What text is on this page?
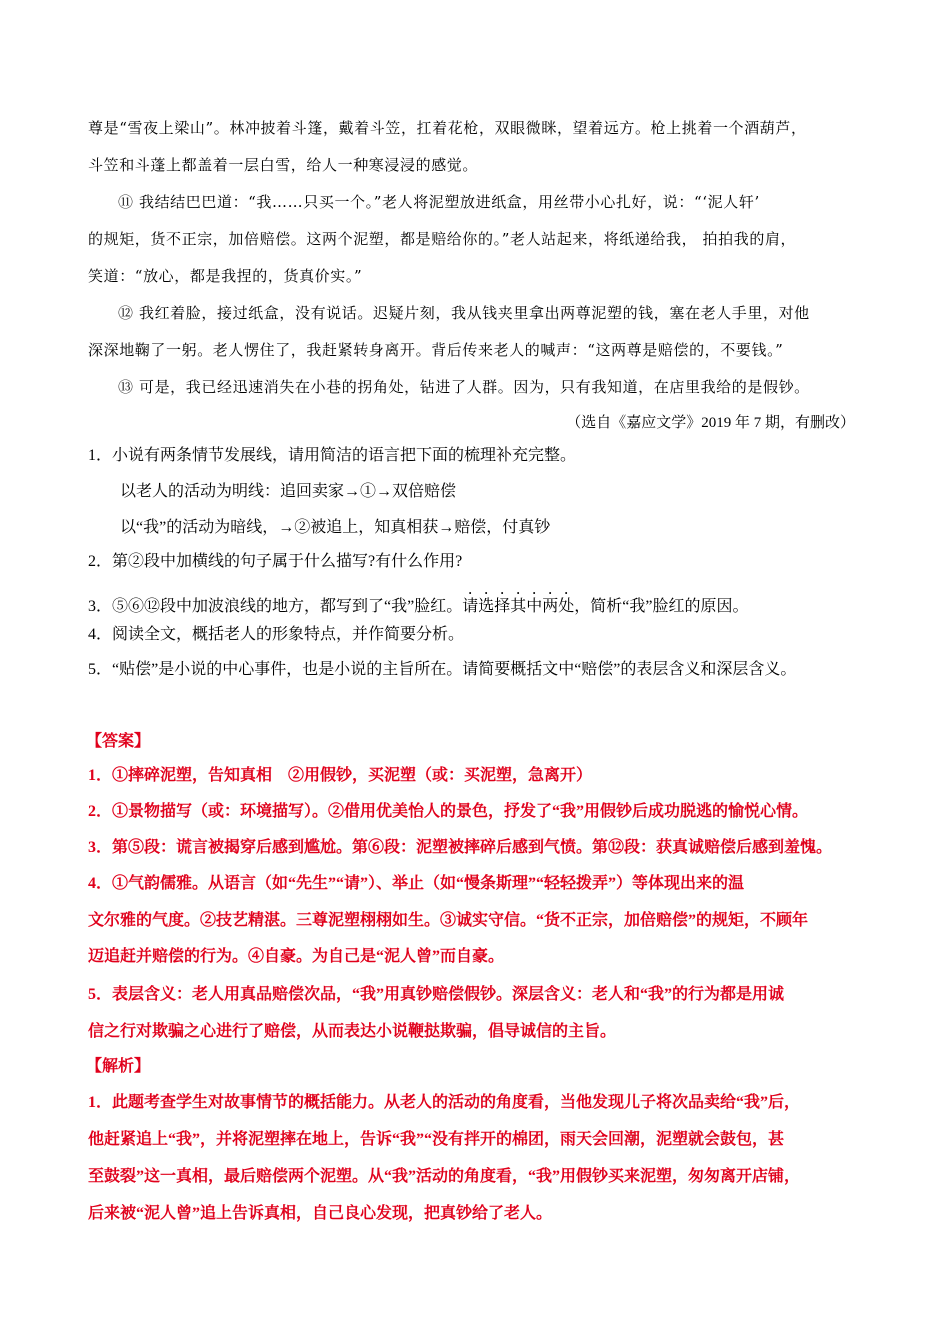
尊是“雪夜上梁山”。林冲披着斗篷，戴着斗笠，扛着花枪，双眼微眯，望着远方。枪上挑着一个酒葫芦，
斗笠和斗蓬上都盖着一层白雪，给人一种寒浸浸的感觉。
⑪ 我结结巴巴道：“我……只买一个。”老人将泥塑放进纸盒，用丝带小心扎好，说：“‘泥人轩’
的规矩，货不正宗，加倍赔偿。这两个泥塑，都是赔给你的。”老人站起来，将纸递给我， 拍拍我的肩，
笑道：“放心，都是我捏的，货真价实。”
⑫ 我红着脸，接过纸盒，没有说话。迟疑片刻，我从钱夹里拿出两尊泥塑的钱，塞在老人手里，对他
深深地鞠了一躬。老人愣住了，我赶紧转身离开。背后传来老人的喊声：“这两尊是赔偿的，不要钱。”
⑬ 可是，我已经迅速消失在小巷的拐角处，钻进了人群。因为，只有我知道，在店里我给的是假钞。
（选自《嘉应文学》2019 年 7 期，有删改）
1．小说有两条情节发展线，请用简洁的语言把下面的梳理补充完整。
以老人的活动为明线：追回卖家→①→双倍赔偿
以“我”的活动为暗线，→②被追上，知真相获→赔偿，付真钞
2．第②段中加横线的句子属于什么描写?有什么作用?
3．⑤⑥⑫段中加波浪线的地方，都写到了“我”脸红。请选择其中两处，简析“我”脸红的原因。
4．阅读全文，概括老人的形象特点，并作简要分析。
5．“贴偿”是小说的中心事件，也是小说的主旨所在。请简要概括文中“赔偿”的表层含义和深层含义。
【答案】
1．①摔碎泥塑，告知真相　②用假钞，买泥塑（或：买泥塑，急离开）
2．①景物描写（或：环境描写）。②借用优美怡人的景色，抒发了“我”用假钞后成功脱逃的愉悦心情。
3．第⑤段：谎言被揭穿后感到尴尬。第⑥段：泥塑被摔碎后感到气愤。第⑫段：获真诚赔偿后感到羞愧。
4．①气韵儒雅。从语言（如“先生”“请”）、举止（如“慢条斯理”“轻轻拨弄”）等体现出来的温
文尔雅的气度。②技艺精湛。三尊泥塑栩栩如生。③诚实守信。“货不正宗，加倍赔偿”的规矩，不顾年
迈追赶并赔偿的行为。④自豪。为自己是“泥人曾”而自豪。
5．表层含义：老人用真品赔偿次品，“我”用真钞赔偿假钞。深层含义：老人和“我”的行为都是用诚
信之行对欺骗之心进行了赔偿，从而表达小说鞭挞欺骗，倡导诚信的主旨。
【解析】
1．此题考查学生对故事情节的概括能力。从老人的活动的角度看，当他发现儿子将次品卖给“我”后，
他赶紧追上“我”，并将泥塑摔在地上，告诉“我”“没有拌开的棉团，雨天会回潮，泥塑就会鼓包，甚
至鼓裂”这一真相，最后赔偿两个泥塑。从“我”活动的角度看，“我”用假钞买来泥塑，匆匆离开店铺，
后来被“泥人曾”追上告诉真相，自己良心发现，把真钞给了老人。
